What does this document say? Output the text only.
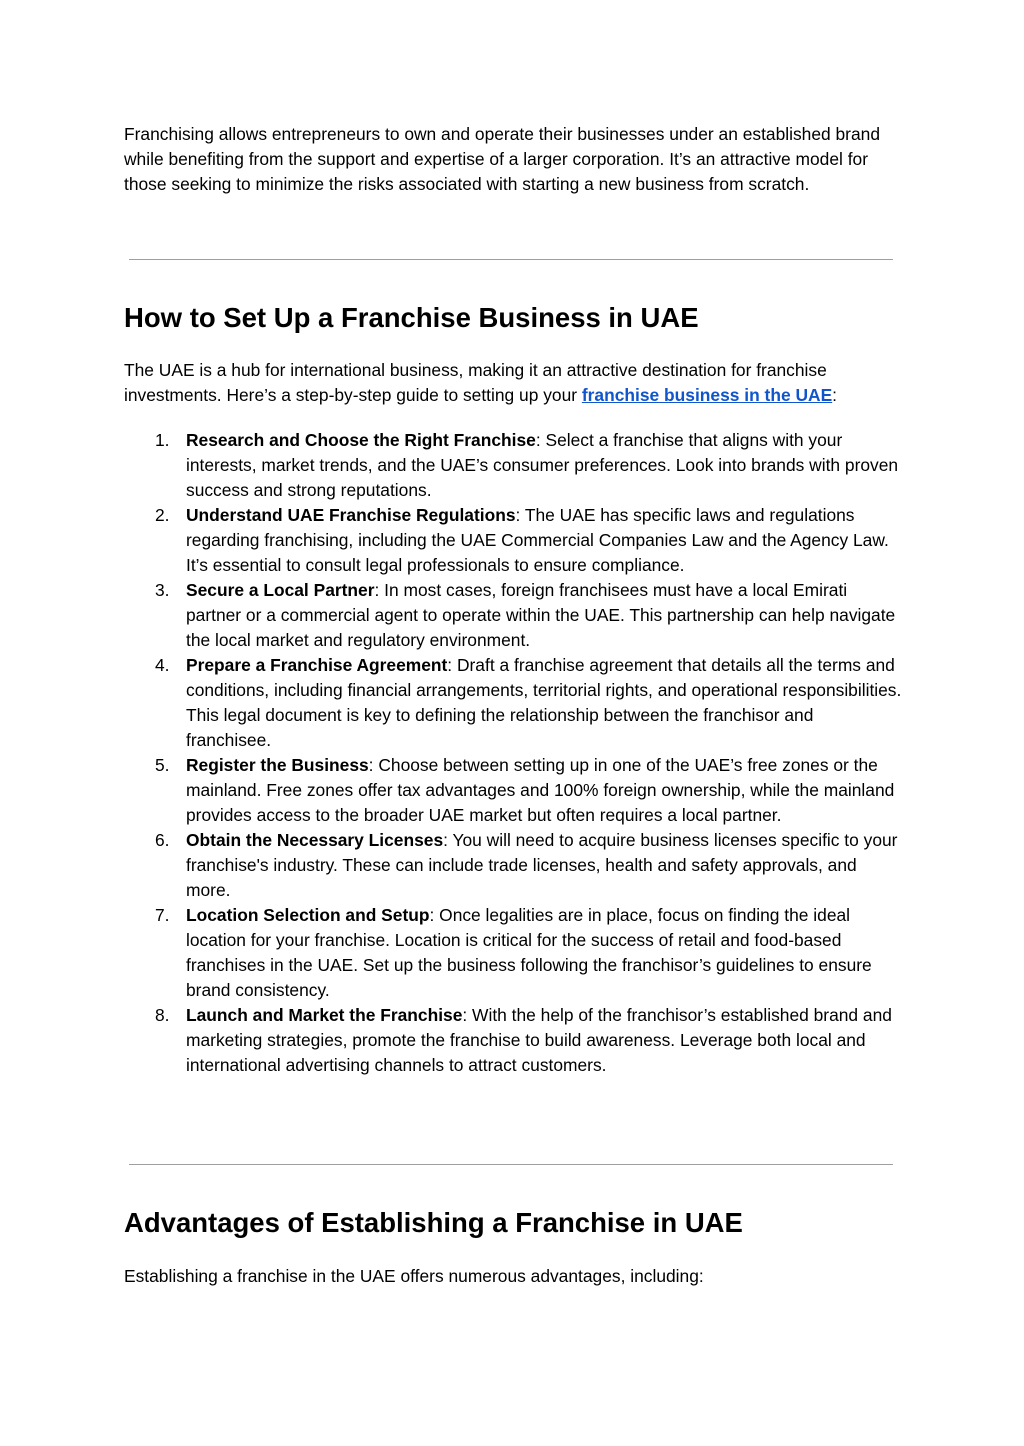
Franchising allows entrepreneurs to own and operate their businesses under an established brand while benefiting from the support and expertise of a larger corporation. It’s an attractive model for those seeking to minimize the risks associated with starting a new business from scratch.

How to Set Up a Franchise Business in UAE

The UAE is a hub for international business, making it an attractive destination for franchise investments. Here’s a step-by-step guide to setting up your franchise business in the UAE:

1. Research and Choose the Right Franchise: Select a franchise that aligns with your interests, market trends, and the UAE’s consumer preferences. Look into brands with proven success and strong reputations.
2. Understand UAE Franchise Regulations: The UAE has specific laws and regulations regarding franchising, including the UAE Commercial Companies Law and the Agency Law. It’s essential to consult legal professionals to ensure compliance.
3. Secure a Local Partner: In most cases, foreign franchisees must have a local Emirati partner or a commercial agent to operate within the UAE. This partnership can help navigate the local market and regulatory environment.
4. Prepare a Franchise Agreement: Draft a franchise agreement that details all the terms and conditions, including financial arrangements, territorial rights, and operational responsibilities. This legal document is key to defining the relationship between the franchisor and franchisee.
5. Register the Business: Choose between setting up in one of the UAE’s free zones or the mainland. Free zones offer tax advantages and 100% foreign ownership, while the mainland provides access to the broader UAE market but often requires a local partner.
6. Obtain the Necessary Licenses: You will need to acquire business licenses specific to your franchise's industry. These can include trade licenses, health and safety approvals, and more.
7. Location Selection and Setup: Once legalities are in place, focus on finding the ideal location for your franchise. Location is critical for the success of retail and food-based franchises in the UAE. Set up the business following the franchisor’s guidelines to ensure brand consistency.
8. Launch and Market the Franchise: With the help of the franchisor’s established brand and marketing strategies, promote the franchise to build awareness. Leverage both local and international advertising channels to attract customers.
Advantages of Establishing a Franchise in UAE

Establishing a franchise in the UAE offers numerous advantages, including:
